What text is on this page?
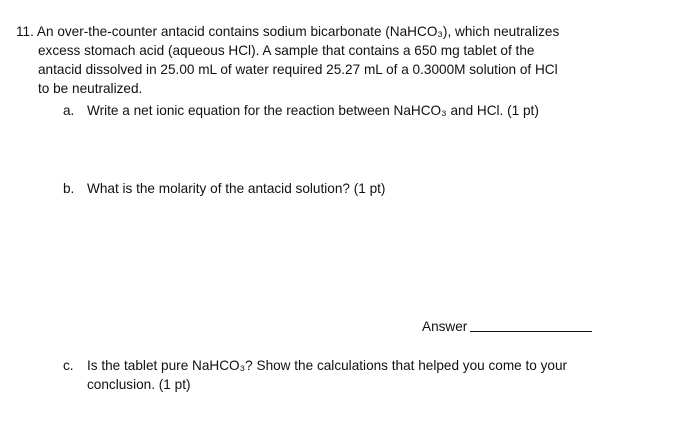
11. An over-the-counter antacid contains sodium bicarbonate (NaHCO₃), which neutralizes
excess stomach acid (aqueous HCl). A sample that contains a 650 mg tablet of the
antacid dissolved in 25.00 mL of water required 25.27 mL of a 0.3000M solution of HCl
to be neutralized.
a. Write a net ionic equation for the reaction between NaHCO₃ and HCl. (1 pt)
b. What is the molarity of the antacid solution? (1 pt)
Answer
c. Is the tablet pure NaHCO₃? Show the calculations that helped you come to your
conclusion. (1 pt)
